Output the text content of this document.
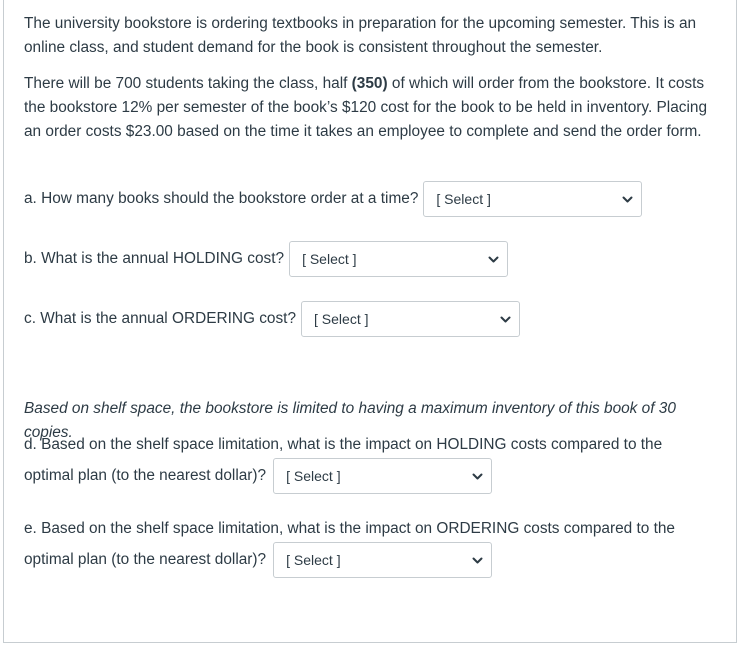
The university bookstore is ordering textbooks in preparation for the upcoming semester. This is an online class, and student demand for the book is consistent throughout the semester.

There will be 700 students taking the class, half (350) of which will order from the bookstore. It costs the bookstore 12% per semester of the book’s $120 cost for the book to be held in inventory. Placing an order costs $23.00 based on the time it takes an employee to complete and send the order form.

a. How many books should the bookstore order at a time? [ Select ]
b. What is the annual HOLDING cost? [ Select ]
c. What is the annual ORDERING cost? [ Select ]

Based on shelf space, the bookstore is limited to having a maximum inventory of this book of 30 copies.

d. Based on the shelf space limitation, what is the impact on HOLDING costs compared to the

optimal plan (to the nearest dollar)? [ Select ]

e. Based on the shelf space limitation, what is the impact on ORDERING costs compared to the

optimal plan (to the nearest dollar)? [ Select ]
